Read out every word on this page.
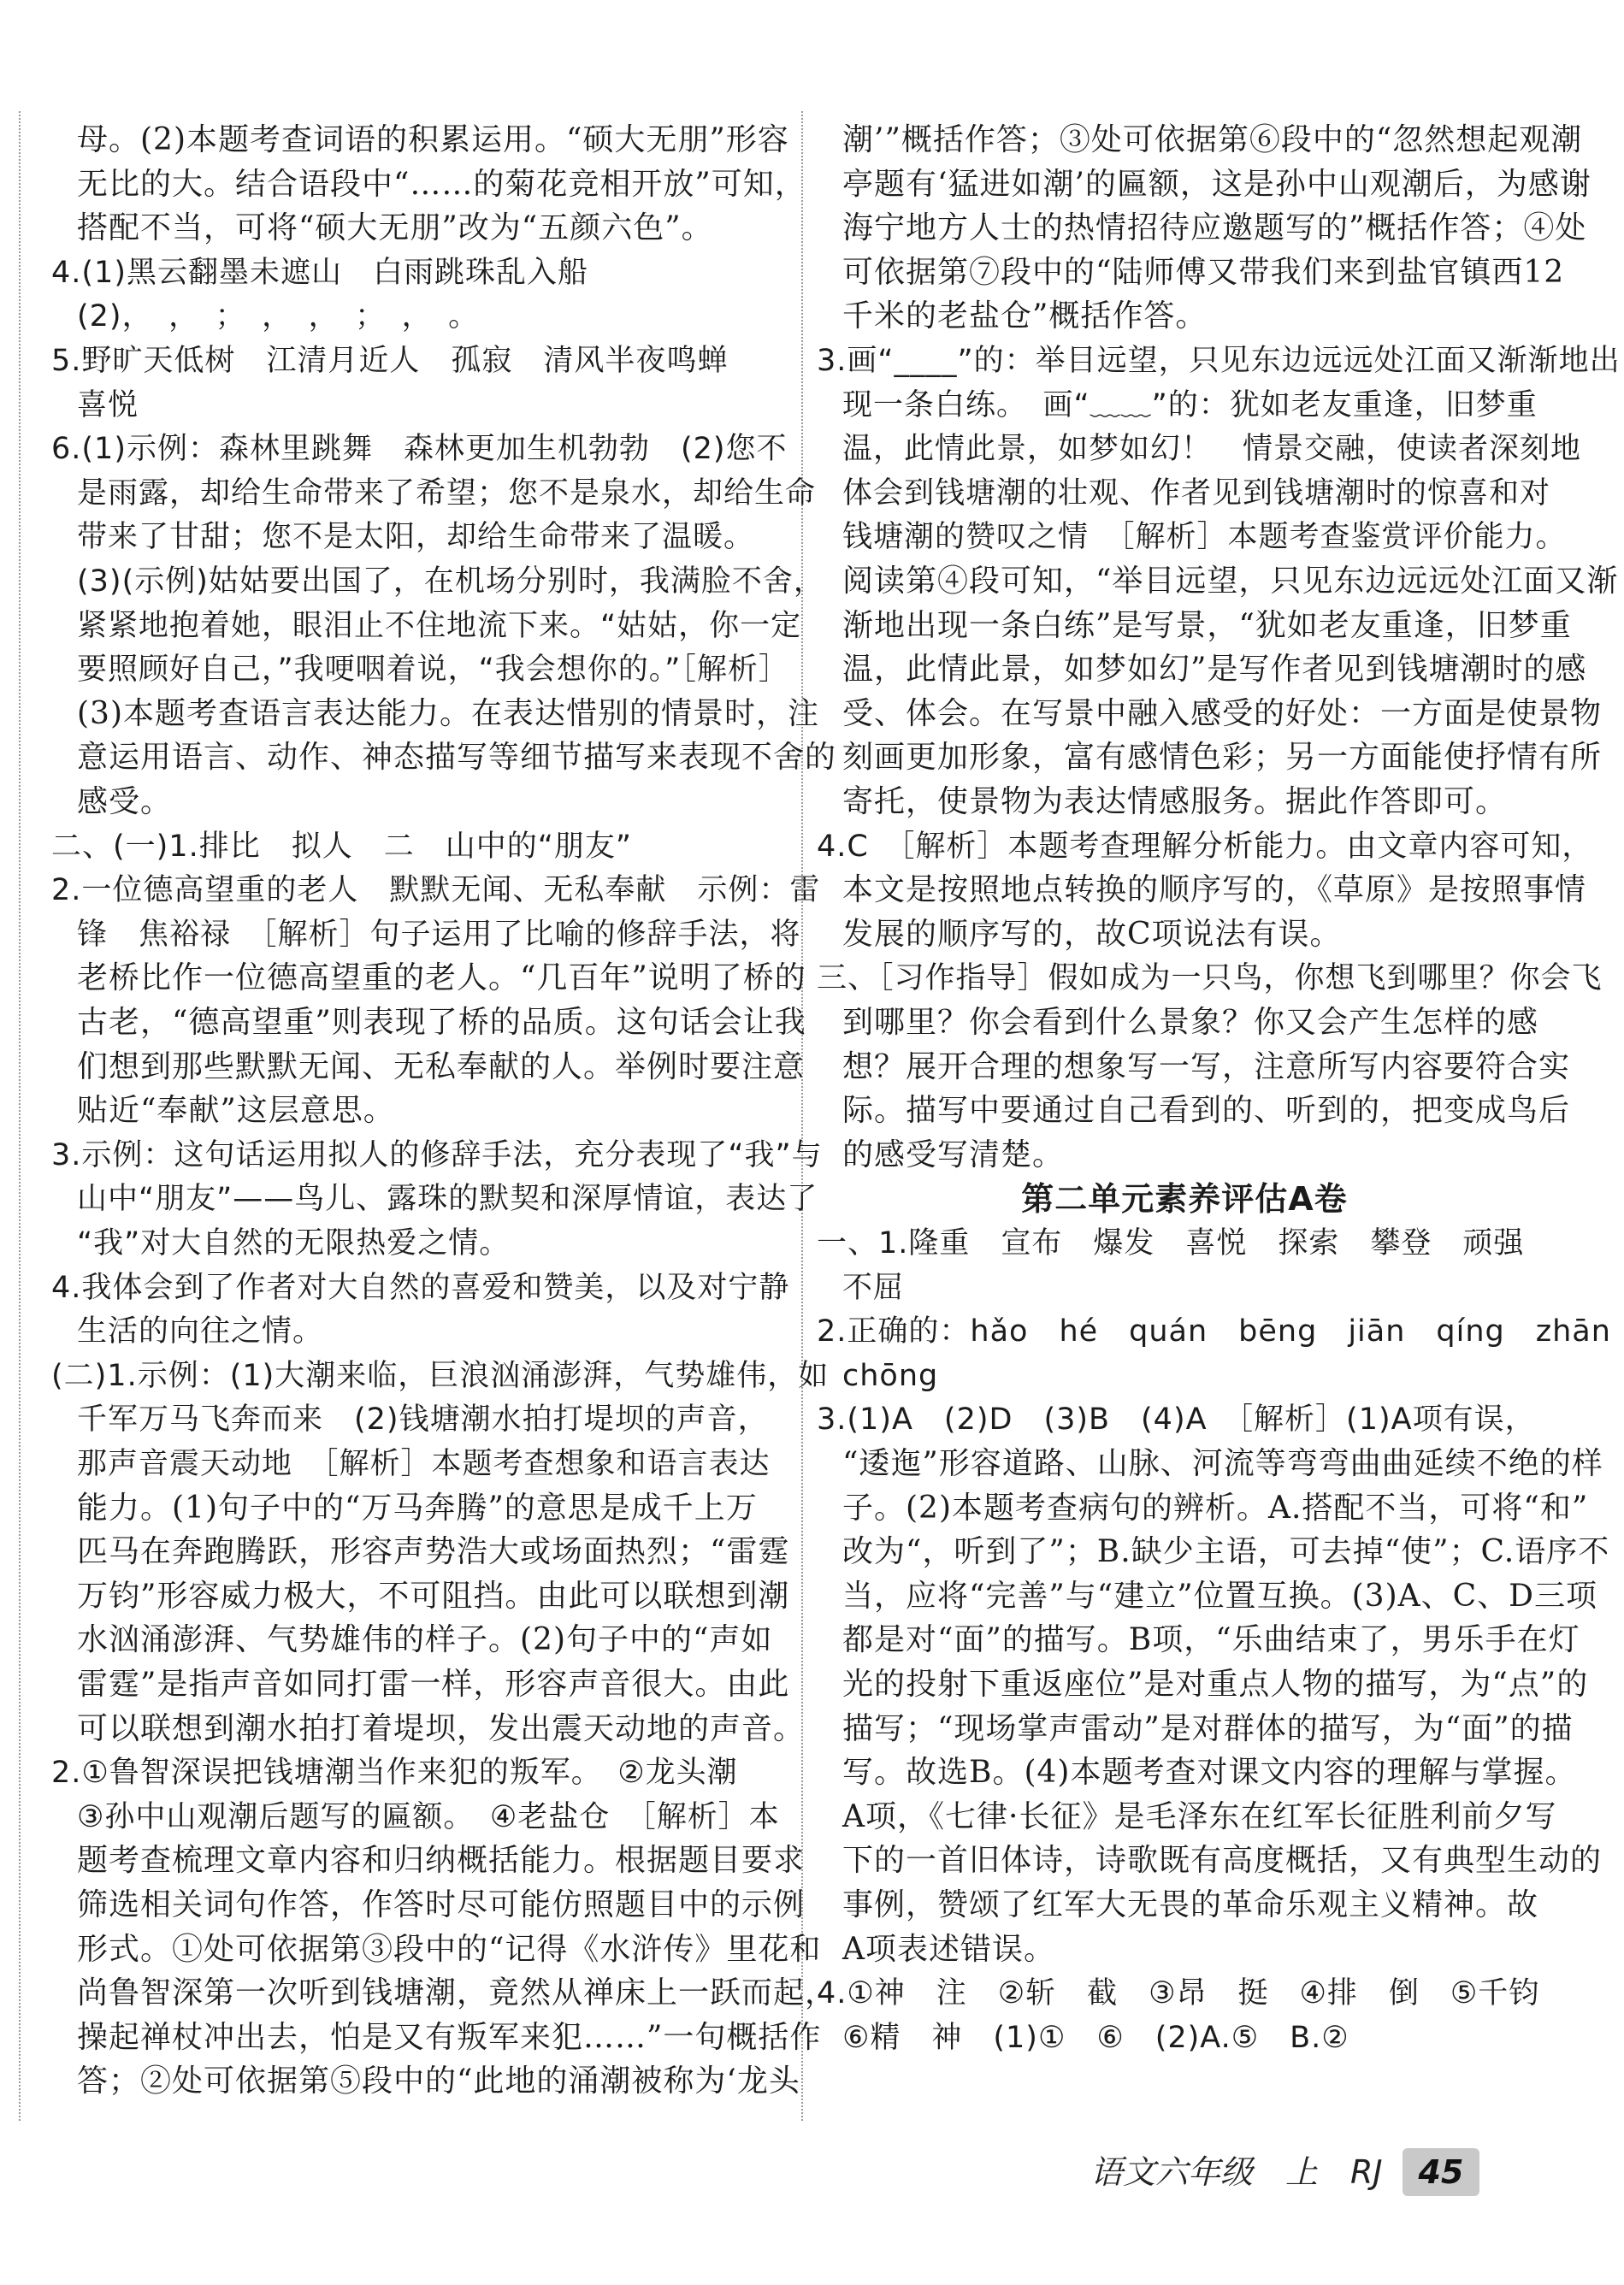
母。(2)本题考查词语的积累运用。“硕大无朋”形容
无比的大。结合语段中“……的菊花竞相开放”可知，
搭配不当，可将“硕大无朋”改为“五颜六色”。
4.(1)黑云翻墨未遮山　白雨跳珠乱入船
(2)，　，　；　，　，　；　，　。
5.野旷天低树　江清月近人　孤寂　清风半夜鸣蝉
喜悦
6.(1)示例：森林里跳舞　森林更加生机勃勃　(2)您不
是雨露，却给生命带来了希望；您不是泉水，却给生命
带来了甘甜；您不是太阳，却给生命带来了温暖。
(3)(示例)姑姑要出国了，在机场分别时，我满脸不舍，
紧紧地抱着她，眼泪止不住地流下来。“姑姑，你一定
要照顾好自己，”我哽咽着说，“我会想你的。”［解析］
(3)本题考查语言表达能力。在表达惜别的情景时，注
意运用语言、动作、神态描写等细节描写来表现不舍的
感受。
二、(一)1.排比　拟人　二　山中的“朋友”
2.一位德高望重的老人　默默无闻、无私奉献　示例：雷
锋　焦裕禄　［解析］句子运用了比喻的修辞手法，将
老桥比作一位德高望重的老人。“几百年”说明了桥的
古老，“德高望重”则表现了桥的品质。这句话会让我
们想到那些默默无闻、无私奉献的人。举例时要注意
贴近“奉献”这层意思。
3.示例：这句话运用拟人的修辞手法，充分表现了“我”与
山中“朋友”——鸟儿、露珠的默契和深厚情谊，表达了
“我”对大自然的无限热爱之情。
4.我体会到了作者对大自然的喜爱和赞美，以及对宁静
生活的向往之情。
(二)1.示例：(1)大潮来临，巨浪汹涌澎湃，气势雄伟，如
千军万马飞奔而来　(2)钱塘潮水拍打堤坝的声音，
那声音震天动地　［解析］本题考查想象和语言表达
能力。(1)句子中的“万马奔腾”的意思是成千上万
匹马在奔跑腾跃，形容声势浩大或场面热烈；“雷霆
万钧”形容威力极大，不可阻挡。由此可以联想到潮
水汹涌澎湃、气势雄伟的样子。(2)句子中的“声如
雷霆”是指声音如同打雷一样，形容声音很大。由此
可以联想到潮水拍打着堤坝，发出震天动地的声音。
2.①鲁智深误把钱塘潮当作来犯的叛军。　②龙头潮
③孙中山观潮后题写的匾额。　④老盐仓　［解析］本
题考查梳理文章内容和归纳概括能力。根据题目要求
筛选相关词句作答，作答时尽可能仿照题目中的示例
形式。①处可依据第③段中的“记得《水浒传》里花和
尚鲁智深第一次听到钱塘潮，竟然从禅床上一跃而起，
操起禅杖冲出去，怕是又有叛军来犯……”一句概括作
答；②处可依据第⑤段中的“此地的涌潮被称为‘龙头
潮’”概括作答；③处可依据第⑥段中的“忽然想起观潮
亭题有‘猛进如潮’的匾额，这是孙中山观潮后，为感谢
海宁地方人士的热情招待应邀题写的”概括作答；④处
可依据第⑦段中的“陆师傅又带我们来到盐官镇西12
千米的老盐仓”概括作答。
3.画“____”的：举目远望，只见东边远远处江面又渐渐地出
现一条白练。　画“﹏﹏”的：犹如老友重逢，旧梦重
温，此情此景，如梦如幻！　情景交融，使读者深刻地
体会到钱塘潮的壮观、作者见到钱塘潮时的惊喜和对
钱塘潮的赞叹之情　［解析］本题考查鉴赏评价能力。
阅读第④段可知，“举目远望，只见东边远远处江面又渐
渐地出现一条白练”是写景，“犹如老友重逢，旧梦重
温，此情此景，如梦如幻”是写作者见到钱塘潮时的感
受、体会。在写景中融入感受的好处：一方面是使景物
刻画更加形象，富有感情色彩；另一方面能使抒情有所
寄托，使景物为表达情感服务。据此作答即可。
4.C　［解析］本题考查理解分析能力。由文章内容可知，
本文是按照地点转换的顺序写的，《草原》是按照事情
发展的顺序写的，故C项说法有误。
三、［习作指导］假如成为一只鸟，你想飞到哪里？你会飞
到哪里？你会看到什么景象？你又会产生怎样的感
想？展开合理的想象写一写，注意所写内容要符合实
际。描写中要通过自己看到的、听到的，把变成鸟后
的感受写清楚。
第二单元素养评估A卷
一、1.隆重　宣布　爆发　喜悦　探索　攀登　顽强
不屈
2.正确的：hǎo　hé　quán　bēng　jiān　qíng　zhān
chōng
3.(1)A　(2)D　(3)B　(4)A　［解析］(1)A项有误，
“逶迤”形容道路、山脉、河流等弯弯曲曲延续不绝的样
子。(2)本题考查病句的辨析。A.搭配不当，可将“和”
改为“，听到了”；B.缺少主语，可去掉“使”；C.语序不
当，应将“完善”与“建立”位置互换。(3)A、C、D三项
都是对“面”的描写。B项，“乐曲结束了，男乐手在灯
光的投射下重返座位”是对重点人物的描写，为“点”的
描写；“现场掌声雷动”是对群体的描写，为“面”的描
写。故选B。(4)本题考查对课文内容的理解与掌握。
A项，《七律·长征》是毛泽东在红军长征胜利前夕写
下的一首旧体诗，诗歌既有高度概括，又有典型生动的
事例，赞颂了红军大无畏的革命乐观主义精神。故
A项表述错误。
4.①神　注　②斩　截　③昂　挺　④排　倒　⑤千钧
⑥精　神　(1)①　⑥　(2)A.⑤　B.②
语文六年级　上　RJ	45
